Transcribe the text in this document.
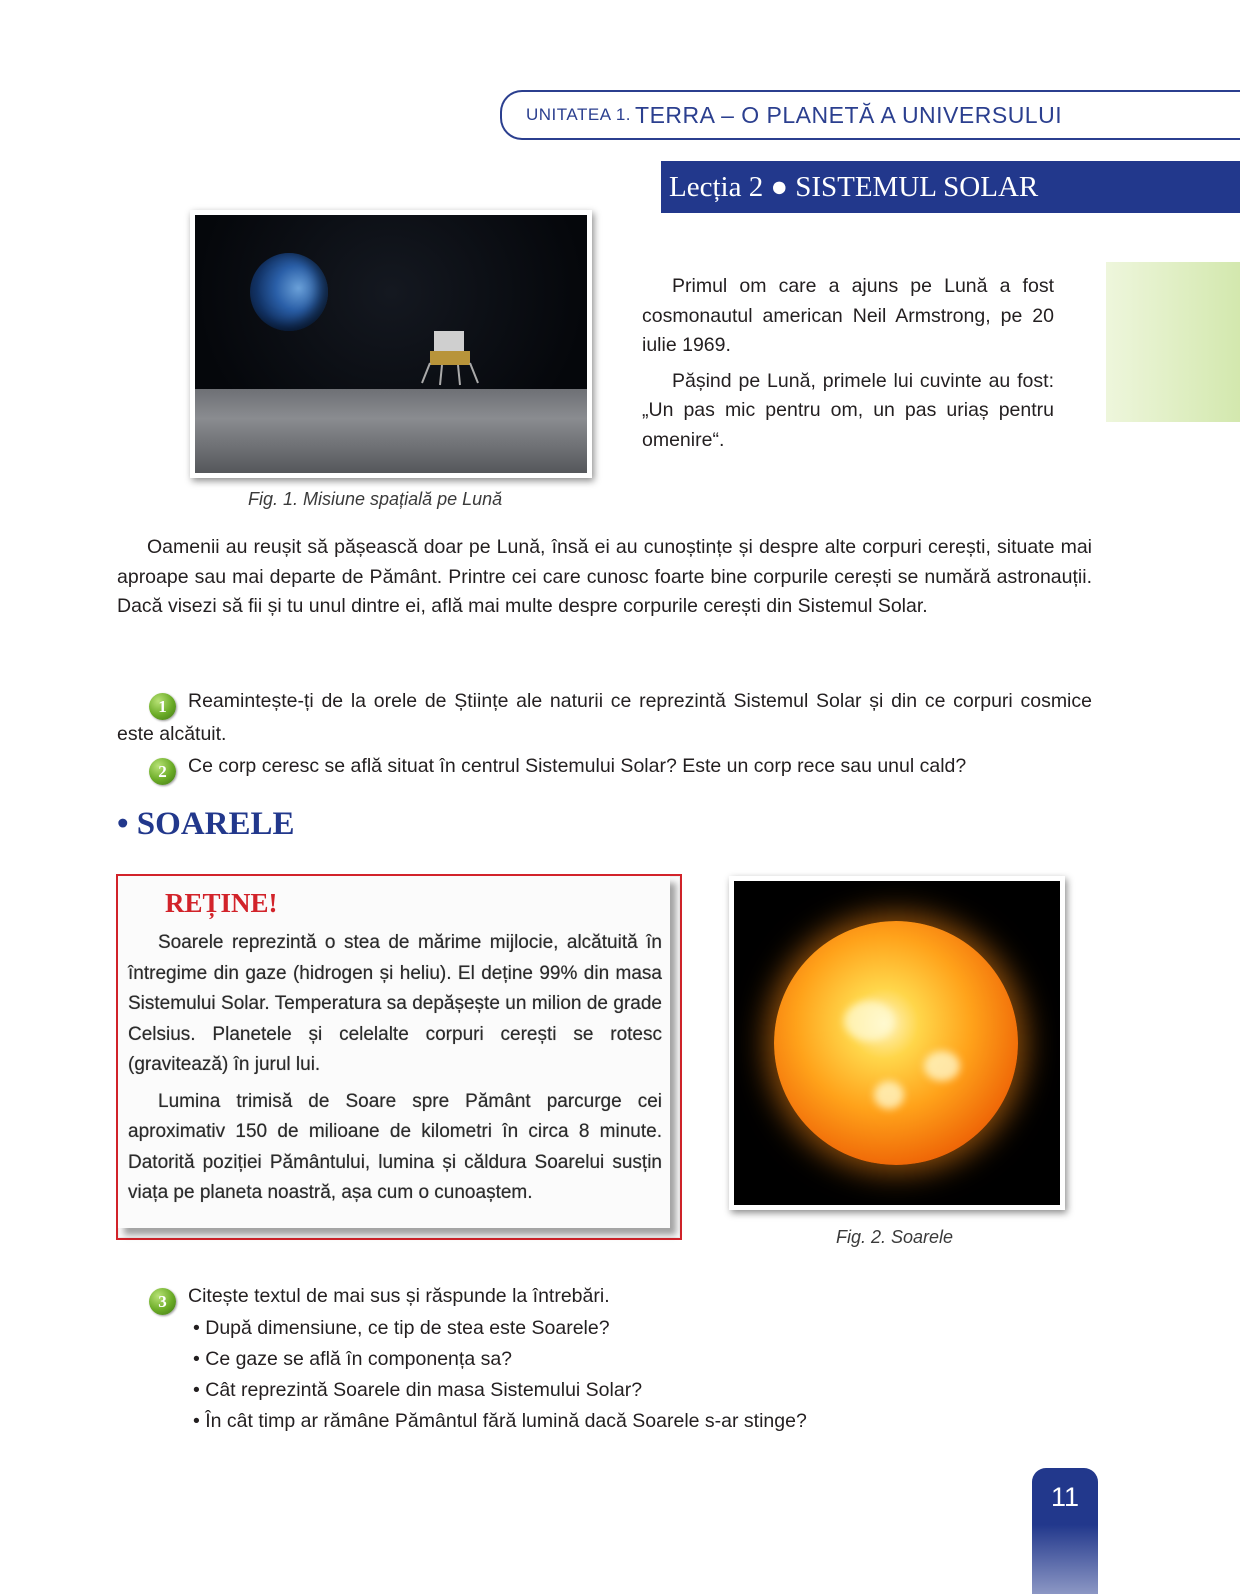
UNITATEA 1. TERRA – O PLANETĂ A UNIVERSULUI
Lecția 2 ● SISTEMUL SOLAR
Fig. 1. Misiune spațială pe Lună

Primul om care a ajuns pe Lună a fost cosmonautul american Neil Armstrong, pe 20 iulie 1969.

Pășind pe Lună, primele lui cuvinte au fost: „Un pas mic pentru om, un pas uriaș pentru omenire“.

Oamenii au reușit să pășească doar pe Lună, însă ei au cunoștințe și despre alte corpuri cerești, situate mai aproape sau mai departe de Pământ. Printre cei care cunosc foarte bine corpurile cerești se numără astronauții. Dacă visezi să fii și tu unul dintre ei, află mai multe despre corpurile cerești din Sistemul Solar.

1 Reamintește-ți de la orele de Științe ale naturii ce reprezintă Sistemul Solar și din ce corpuri cosmice este alcătuit.
2 Ce corp ceresc se află situat în centrul Sistemului Solar? Este un corp rece sau unul cald?
• SOARELE
REȚINE!

Soarele reprezintă o stea de mărime mijlocie, alcătuită în întregime din gaze (hidrogen și heliu). El deține 99% din masa Sistemului Solar. Temperatura sa depășește un milion de grade Celsius. Planetele și celelalte corpuri cerești se rotesc (gravitează) în jurul lui.

Lumina trimisă de Soare spre Pământ parcurge cei aproximativ 150 de milioane de kilometri în circa 8 minute. Datorită poziției Pământului, lumina și căldura Soarelui susțin viața pe planeta noastră, așa cum o cunoaștem.

Fig. 2. Soarele
3 Citește textul de mai sus și răspunde la întrebări.
• După dimensiune, ce tip de stea este Soarele?
• Ce gaze se află în componența sa?
• Cât reprezintă Soarele din masa Sistemului Solar?
• În cât timp ar rămâne Pământul fără lumină dacă Soarele s-ar stinge?
11
